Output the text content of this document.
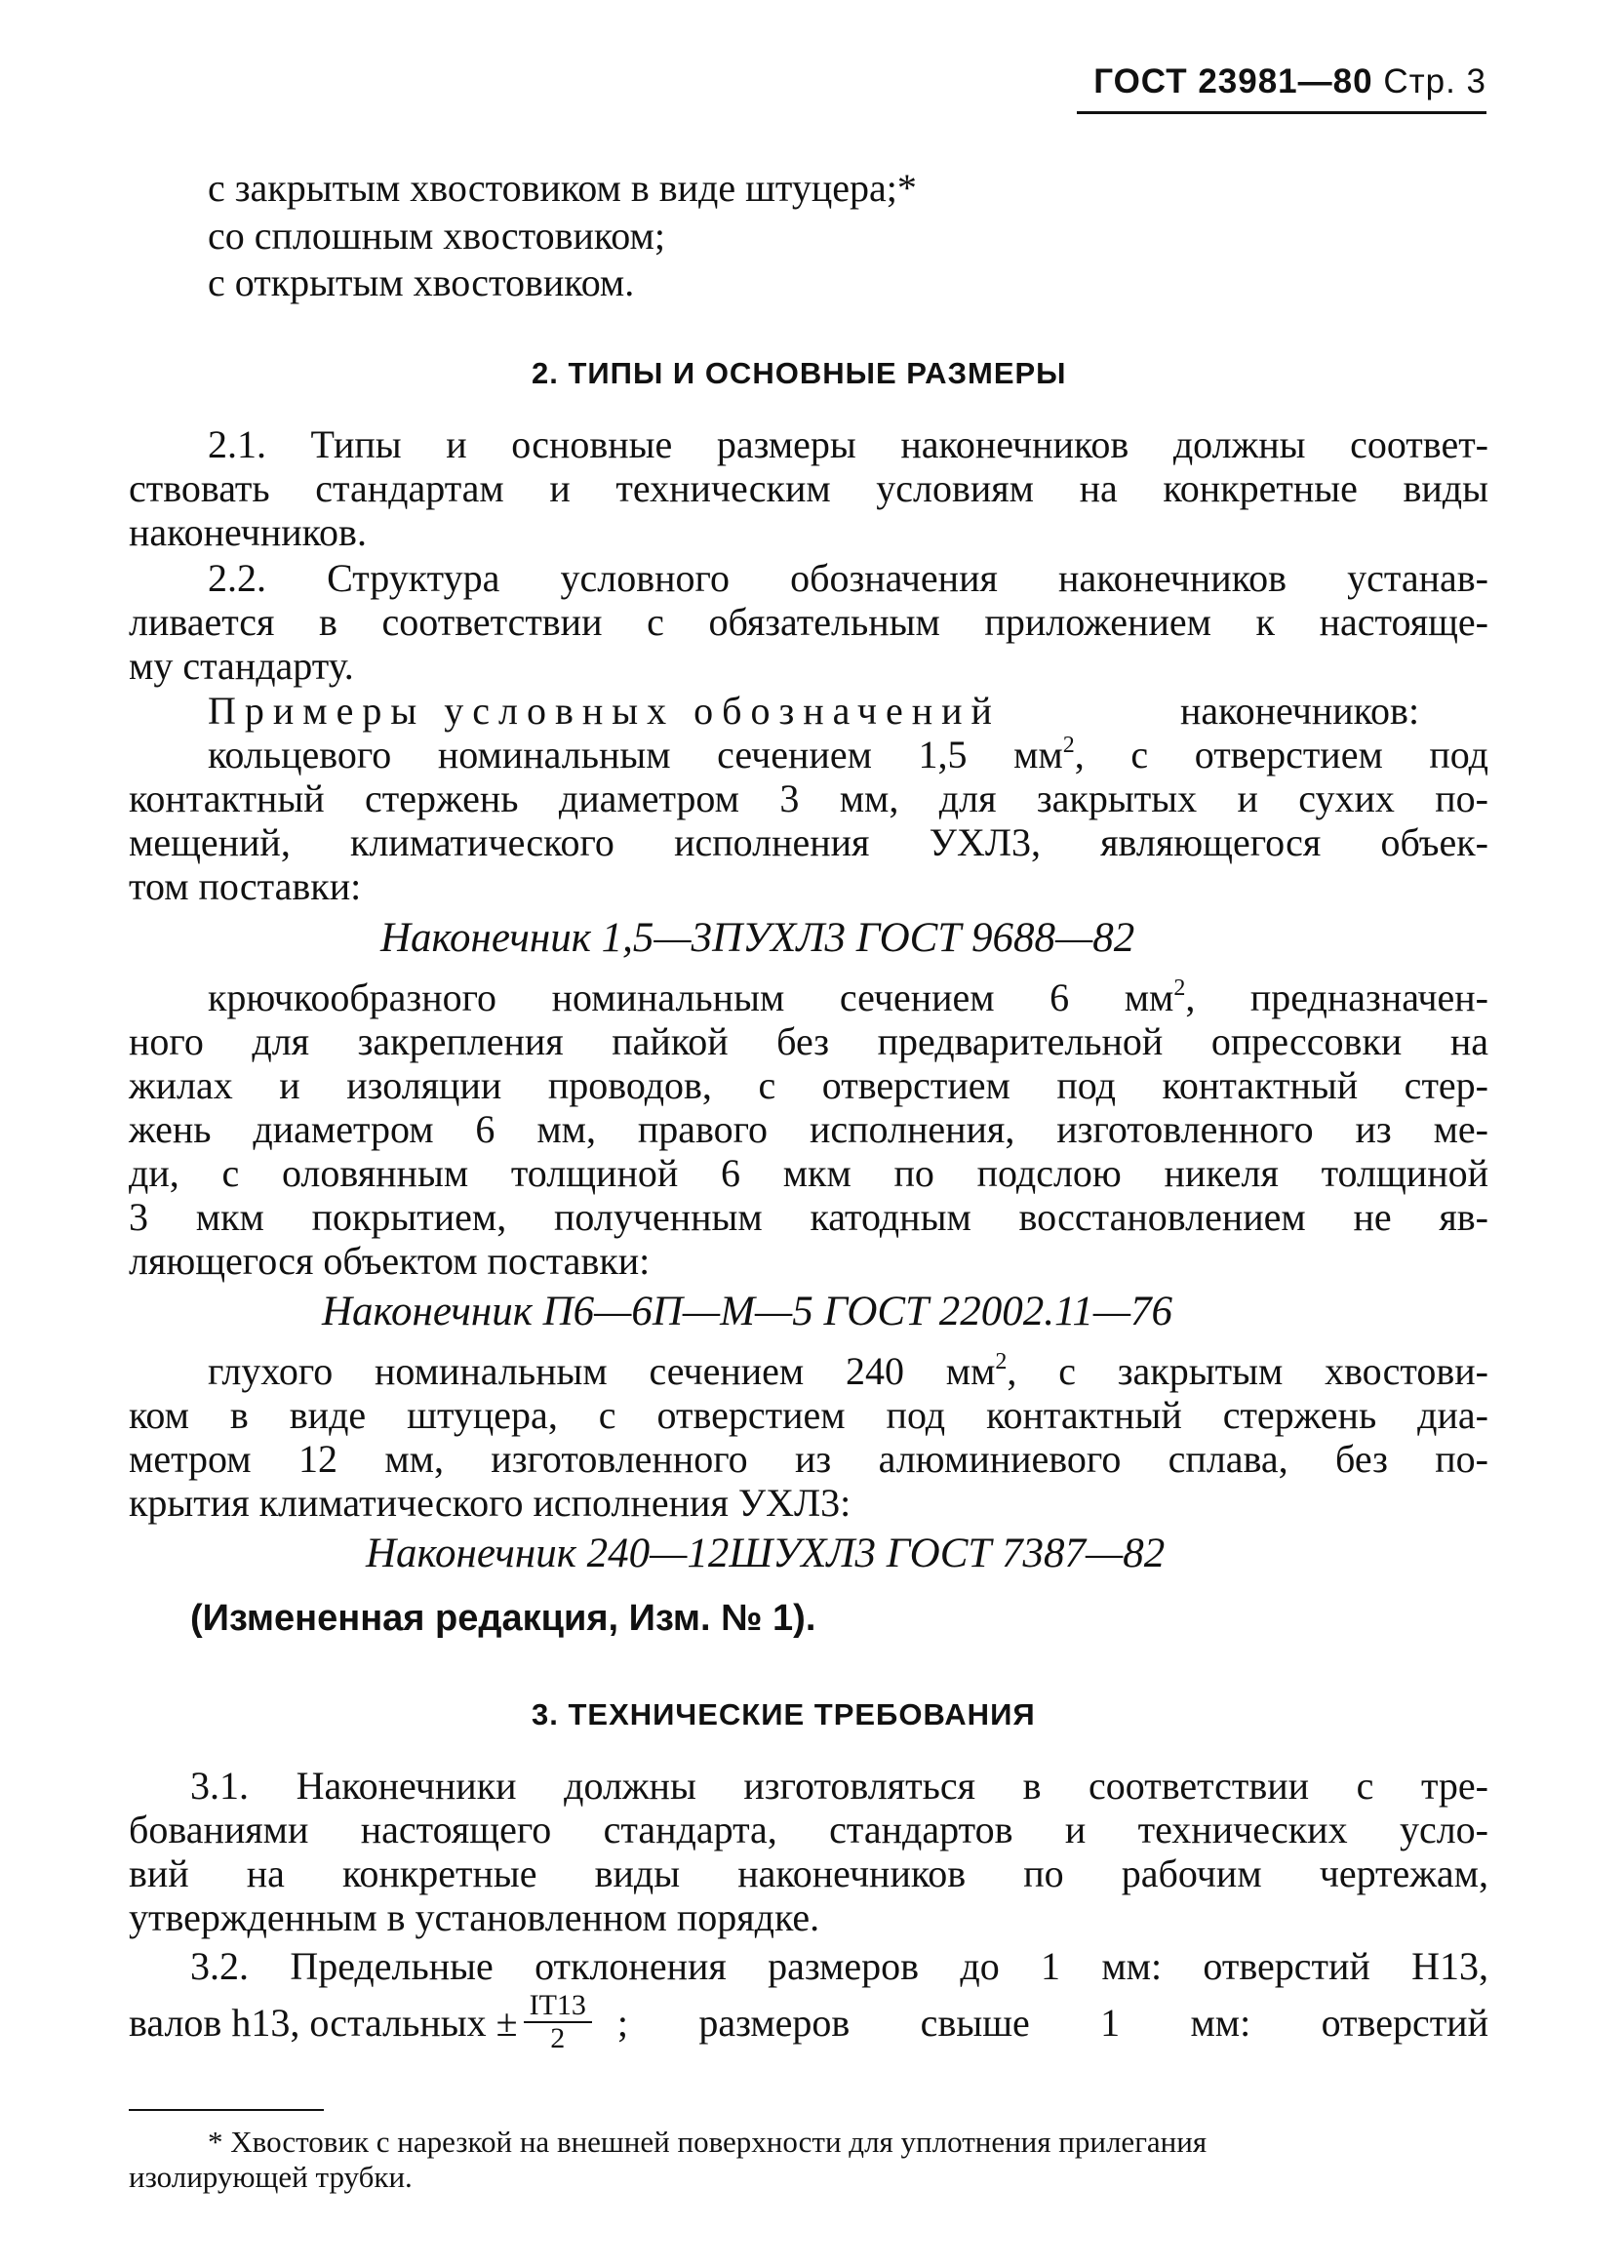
ГОСТ 23981—80 Стр. 3
с закрытым хвостовиком в виде штуцера;*
со сплошным хвостовиком;
с открытым хвостовиком.
2. ТИПЫ И ОСНОВНЫЕ РАЗМЕРЫ
2.1. Типы и основные размеры наконечников должны соответ-
ствовать стандартам и техническим условиям на конкретные виды
наконечников.
2.2. Структура условного обозначения наконечников устанав-
ливается в соответствии с обязательным приложением к настояще-
му стандарту.
Примеры условных обозначений	наконечников:
кольцевого номинальным сечением 1,5 $мм^2$, с отверстием под
контактный стержень диаметром 3 мм, для закрытых и сухих по-
мещений, климатического исполнения УХЛ3, являющегося объек-
том поставки:
Наконечник 1,5—3ПУХЛ3 ГОСТ 9688—82
крючкообразного номинальным сечением 6 $мм^2$, предназначен-
ного для закрепления пайкой без предварительной опрессовки на
жилах и изоляции проводов, с отверстием под контактный стер-
жень диаметром 6 мм, правого исполнения, изготовленного из ме-
ди, с оловянным толщиной 6 мкм по подслою никеля толщиной
3 мкм покрытием, полученным катодным восстановлением не яв-
ляющегося объектом поставки:
Наконечник П6—6П—М—5 ГОСТ 22002.11—76
глухого номинальным сечением 240 $мм^2$, с закрытым хвостови-
ком в виде штуцера, с отверстием под контактный стержень диа-
метром 12 мм, изготовленного из алюминиевого сплава, без по-
крытия климатического исполнения УХЛ3:
Наконечник 240—12ШУХЛ3 ГОСТ 7387—82
(Измененная редакция, Изм. № 1).
3. ТЕХНИЧЕСКИЕ ТРЕБОВАНИЯ
3.1. Наконечники должны изготовляться в соответствии с тре-
бованиями настоящего стандарта, стандартов и технических усло-
вий на конкретные виды наконечников по рабочим чертежам,
утвержденным в установленном порядке.
3.2. Предельные отклонения размеров до 1 мм: отверстий H13,
валов h13, остальных ± $\frac{IT13}{2}$ ; размеров свыше 1 мм: отверстий
* Хвостовик с нарезкой на внешней поверхности для уплотнения прилегания
изолирующей трубки.
